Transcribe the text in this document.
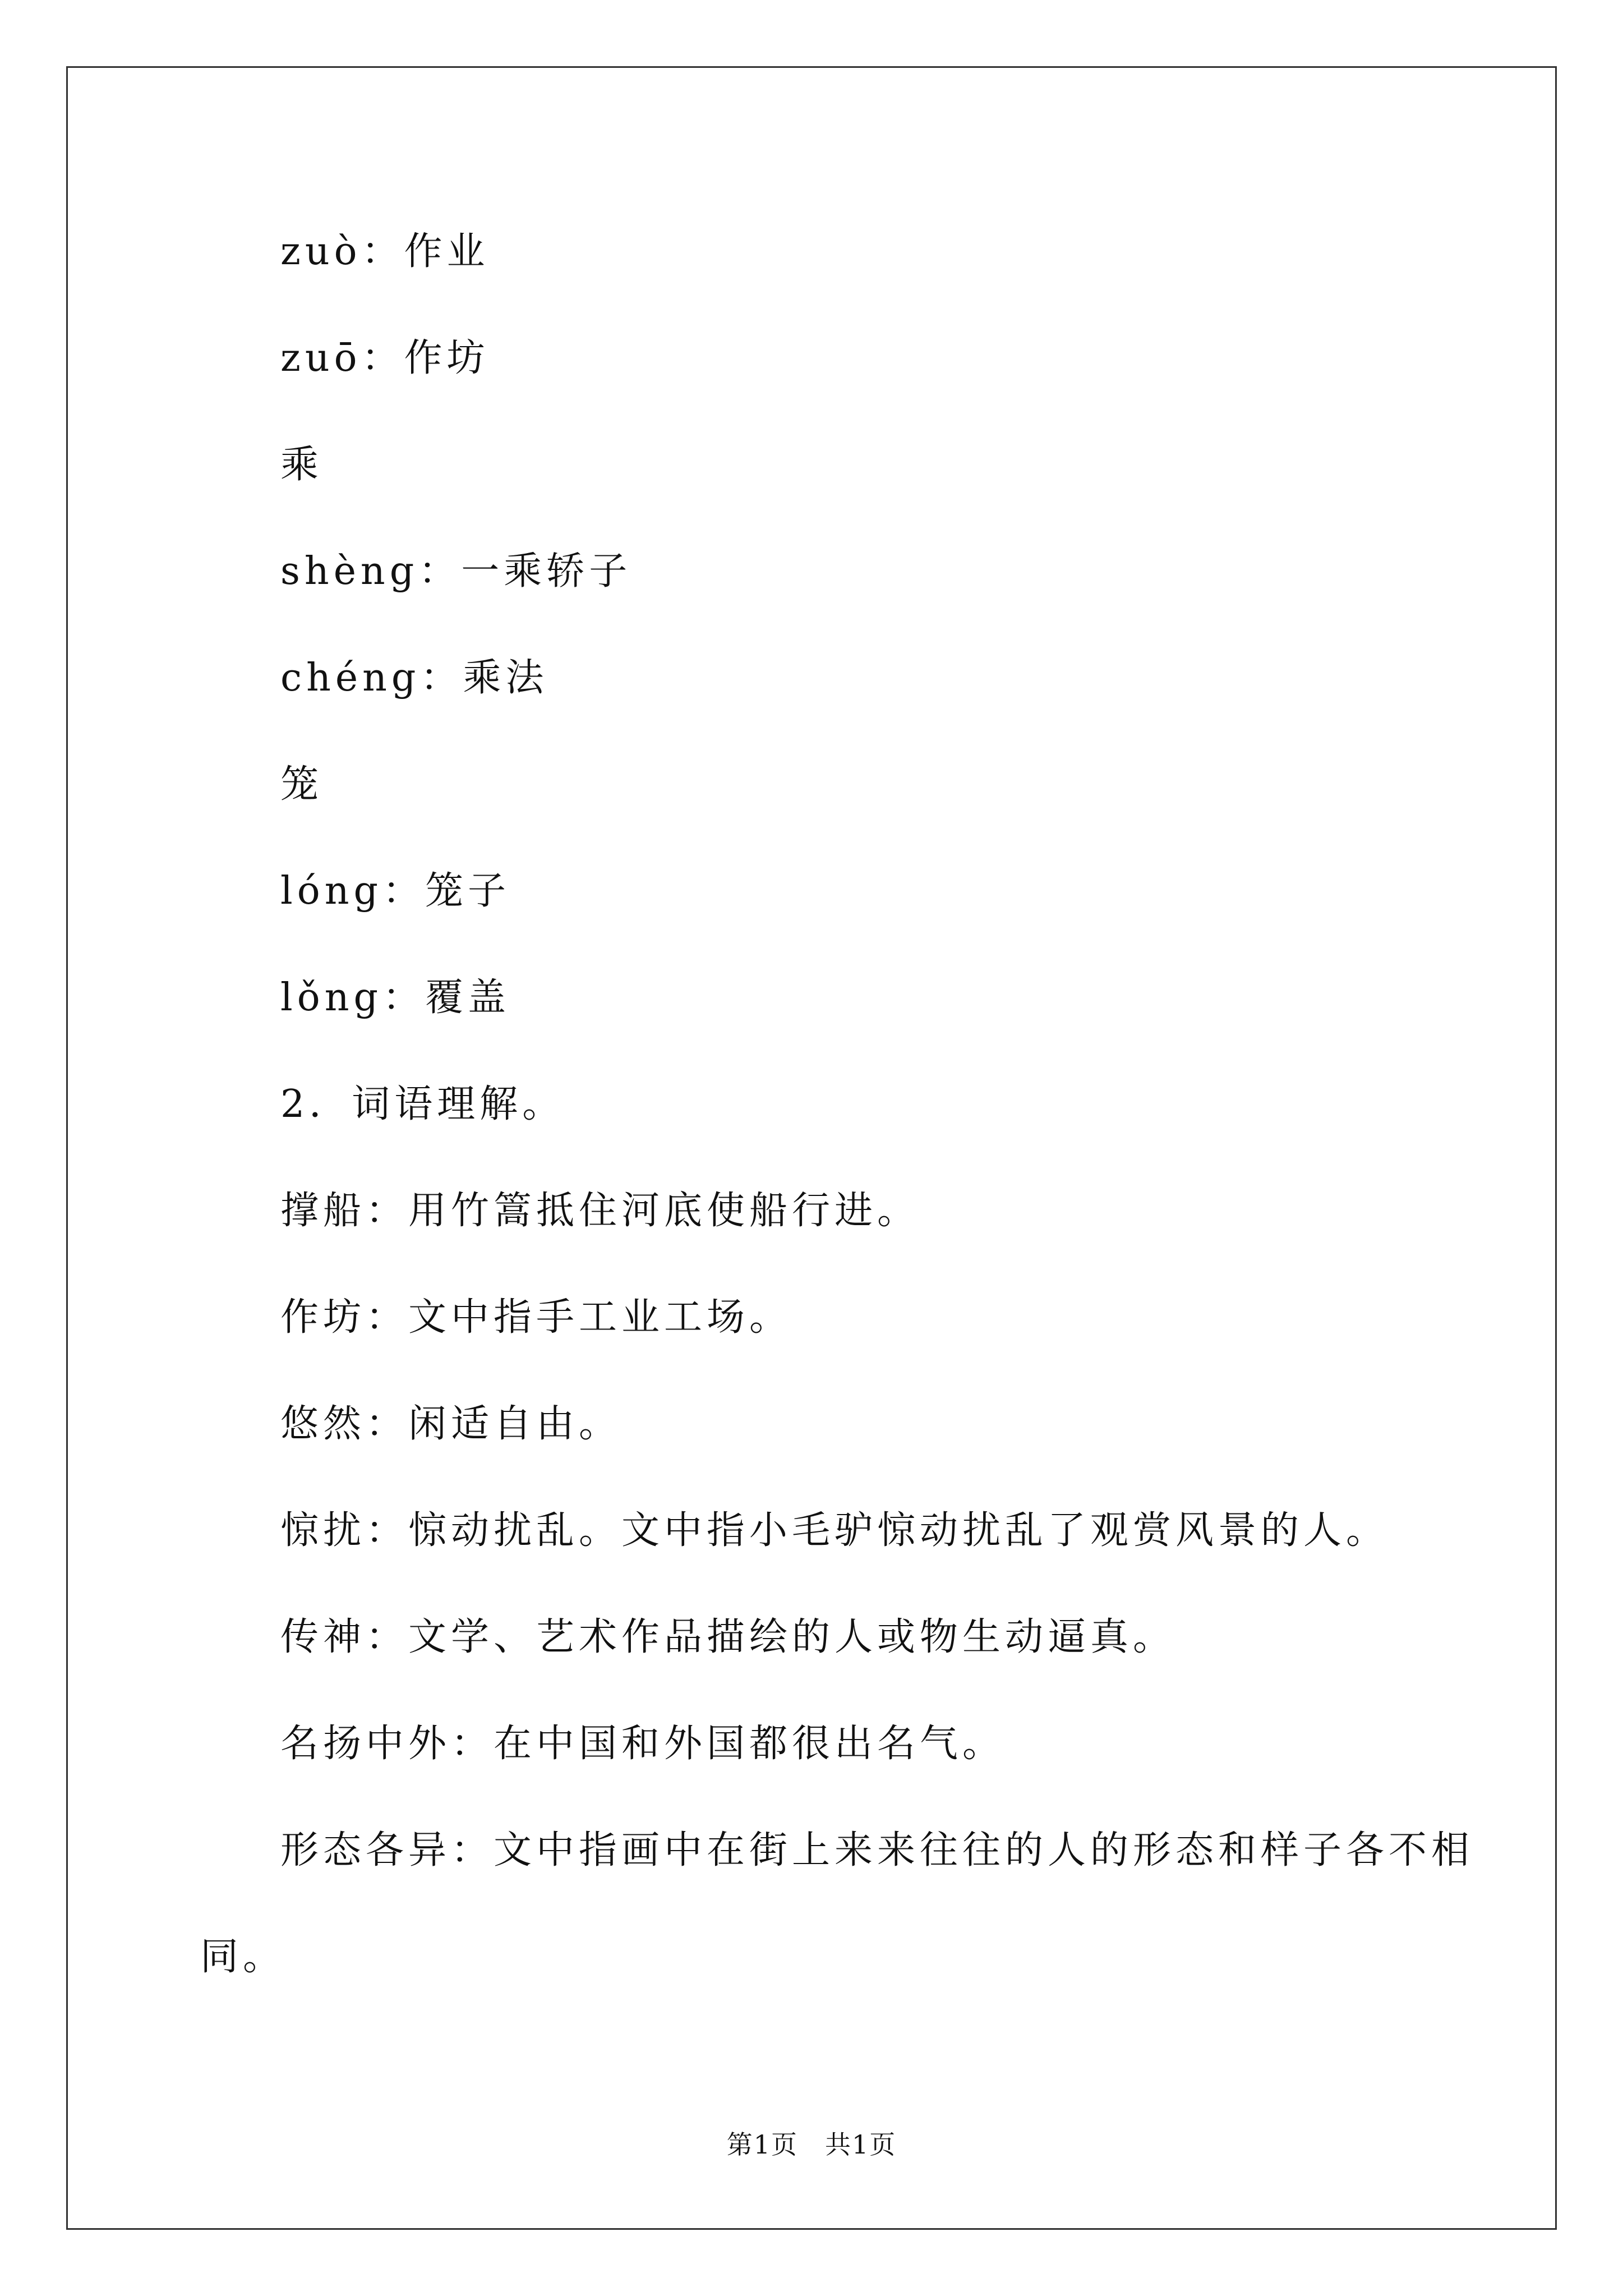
zuò：作业
zuō：作坊
乘
shèng：一乘轿子
chéng：乘法
笼
lóng：笼子
lǒng：覆盖
2．词语理解。
撑船：用竹篙抵住河底使船行进。
作坊：文中指手工业工场。
悠然：闲适自由。
惊扰：惊动扰乱。文中指小毛驴惊动扰乱了观赏风景的人。
传神：文学、艺术作品描绘的人或物生动逼真。
名扬中外：在中国和外国都很出名气。
形态各异：文中指画中在街上来来往往的人的形态和样子各不相
同。
第1页　共1页
